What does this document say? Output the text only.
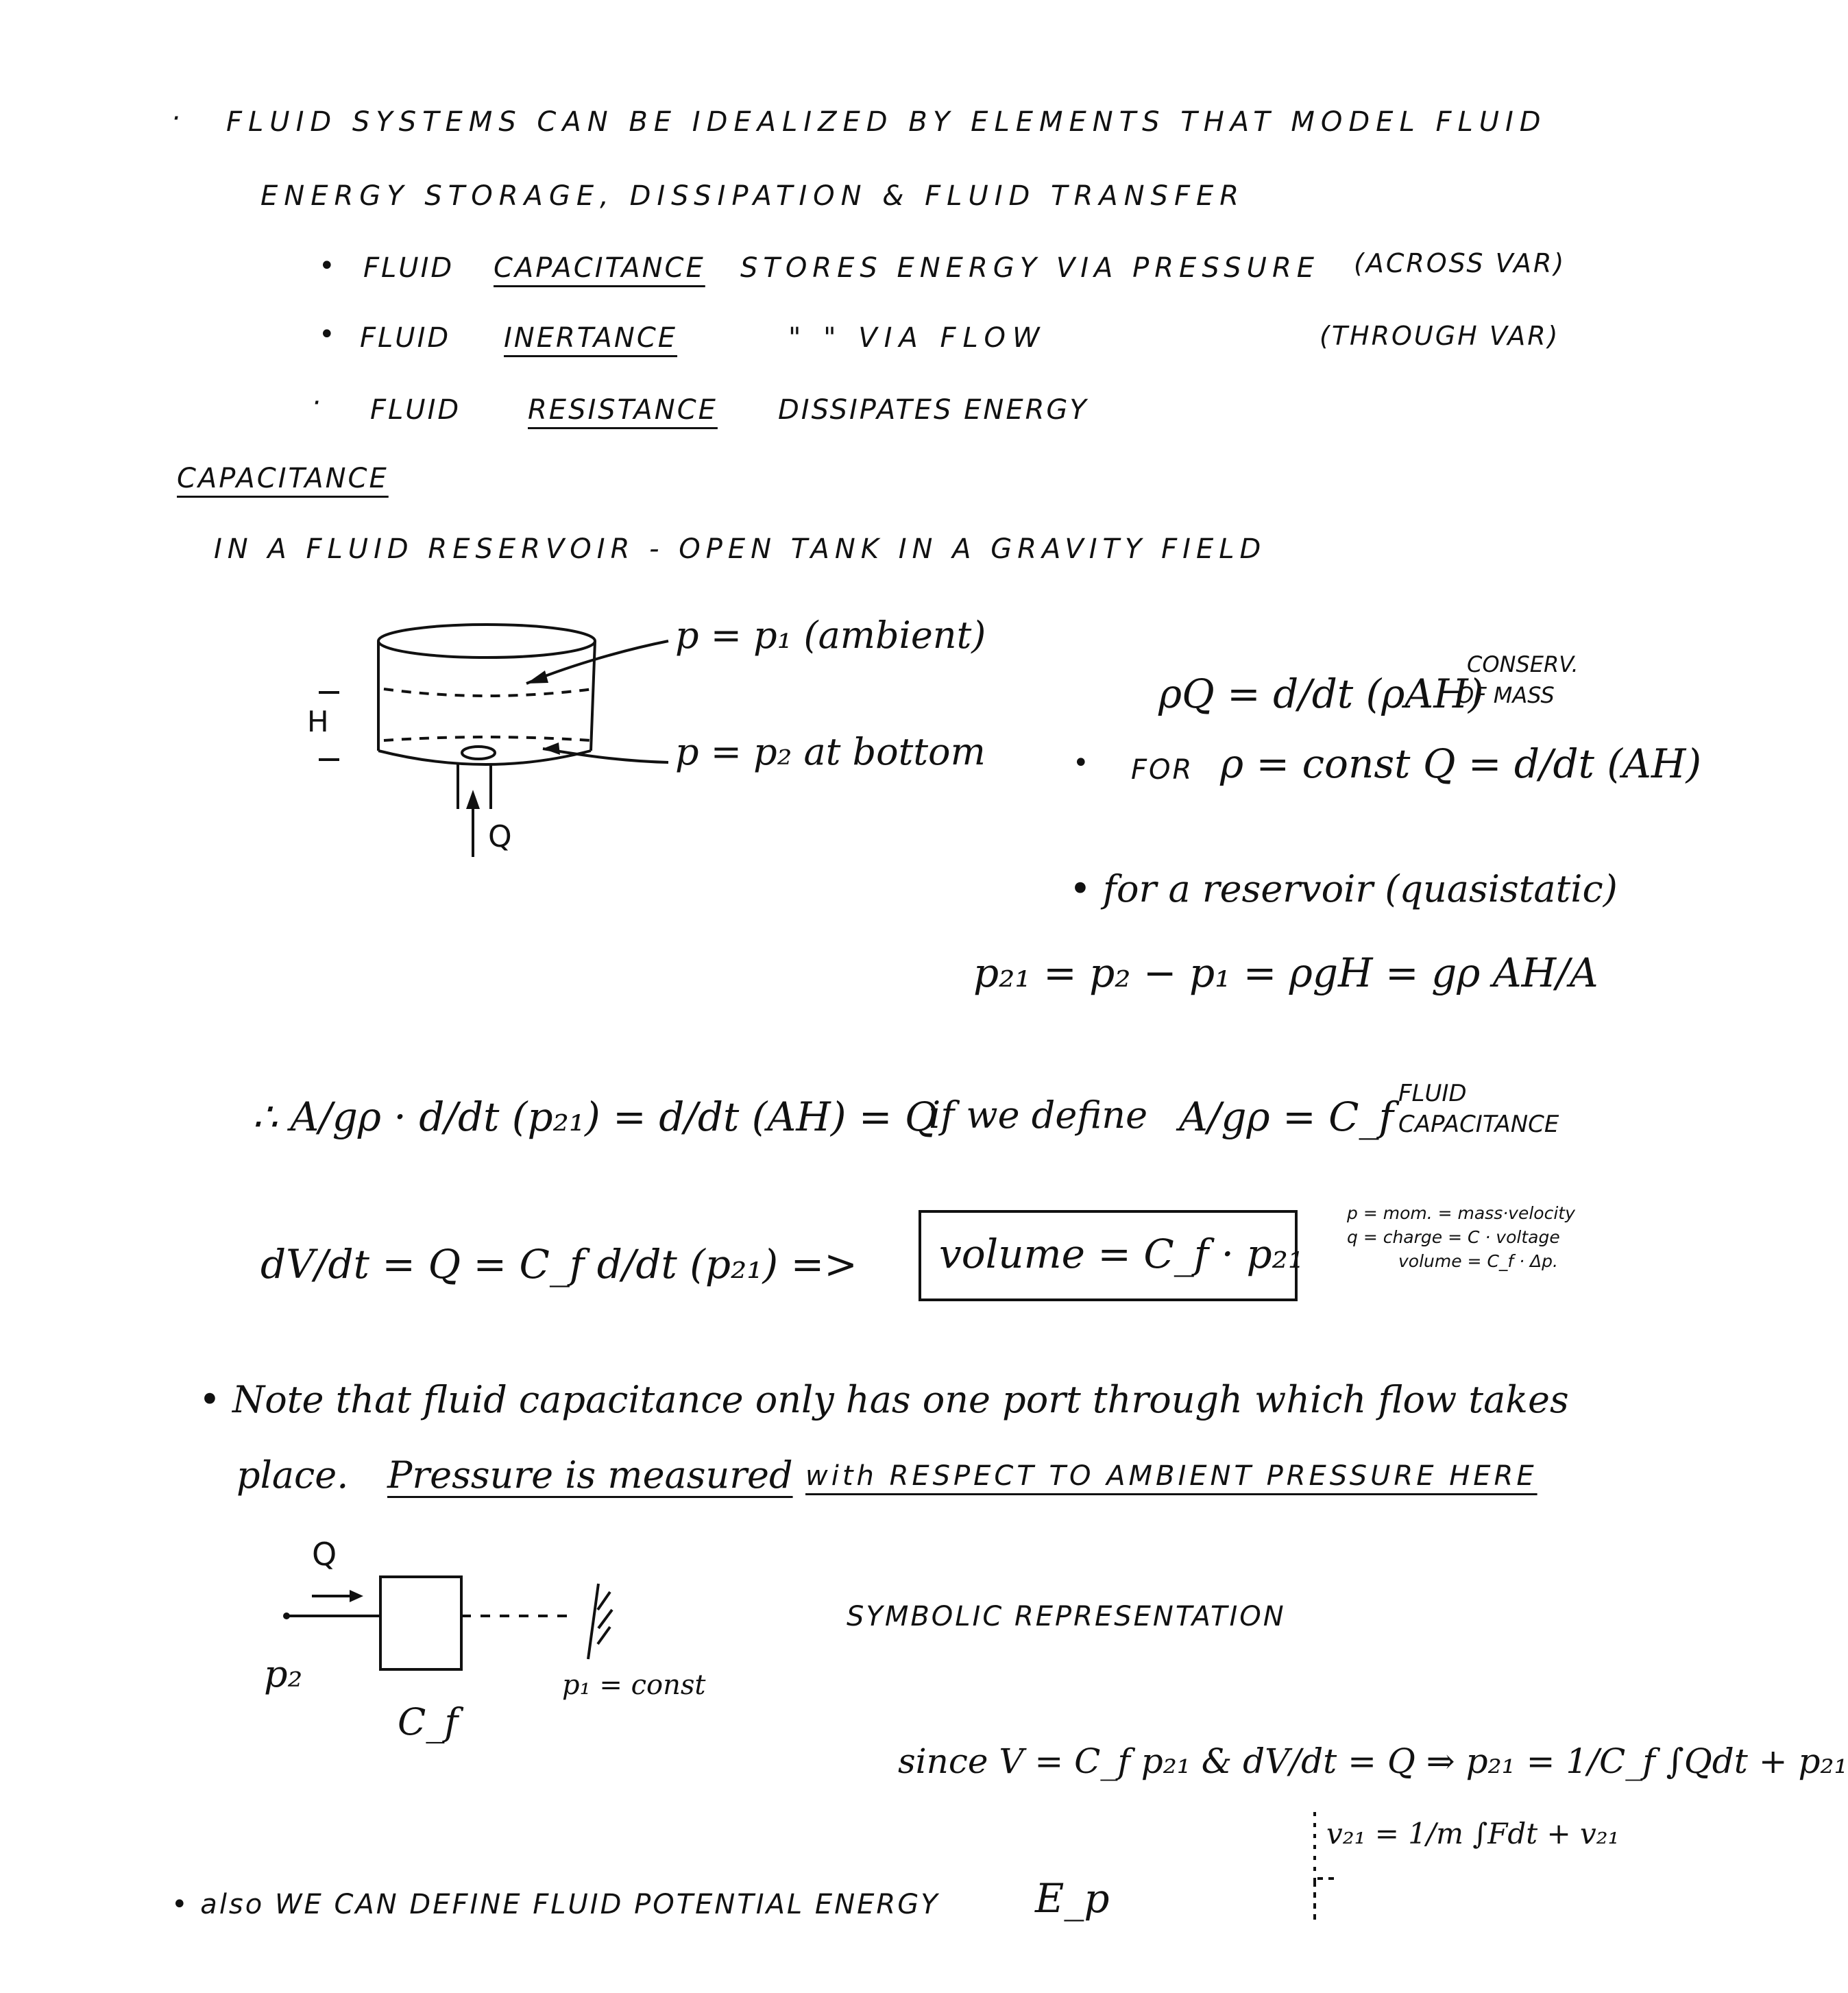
· FLUID SYSTEMS CAN BE IDEALIZED BY ELEMENTS THAT MODEL FLUID
ENERGY STORAGE, DISSIPATION & FLUID TRANSFER
• FLUID CAPACITANCE STORES ENERGY VIA PRESSURE (ACROSS VAR)
• FLUID INERTANCE	" " VIA FLOW	(THROUGH VAR)
· FLUID RESISTANCE DISSIPATES ENERGY
CAPACITANCE
IN A FLUID RESERVOIR - OPEN TANK IN A GRAVITY FIELD
H
Q
p = p₁ (ambient)
p = p₂ at bottom
ρQ = d/dt (ρAH)
CONSERV.
OF MASS
• FOR ρ = const Q = d/dt (AH)
• for a reservoir (quasistatic)
p₂₁ = p₂ − p₁ = ρgH = gρ AH/A
∴ A/gρ · d/dt (p₂₁) = d/dt (AH) = Q
if we define A/gρ = C_f FLUID
CAPACITANCE
dV/dt = Q = C_f d/dt (p₂₁) => volume = C_f · p₂₁
p = mom. = mass·velocity
q = charge = C · voltage
volume = C_f · Δp.
• Note that fluid capacitance only has one port through which flow takes
place. Pressure is measured with RESPECT TO AMBIENT PRESSURE HERE
Q
p₂
C_f
p₁ = const
SYMBOLIC REPRESENTATION
since V = C_f p₂₁ & dV/dt = Q ⇒ p₂₁ = 1/C_f ∫Qdt + p₂₁
v₂₁ = 1/m ∫Fdt + v₂₁
• also WE CAN DEFINE FLUID POTENTIAL ENERGY E_p
